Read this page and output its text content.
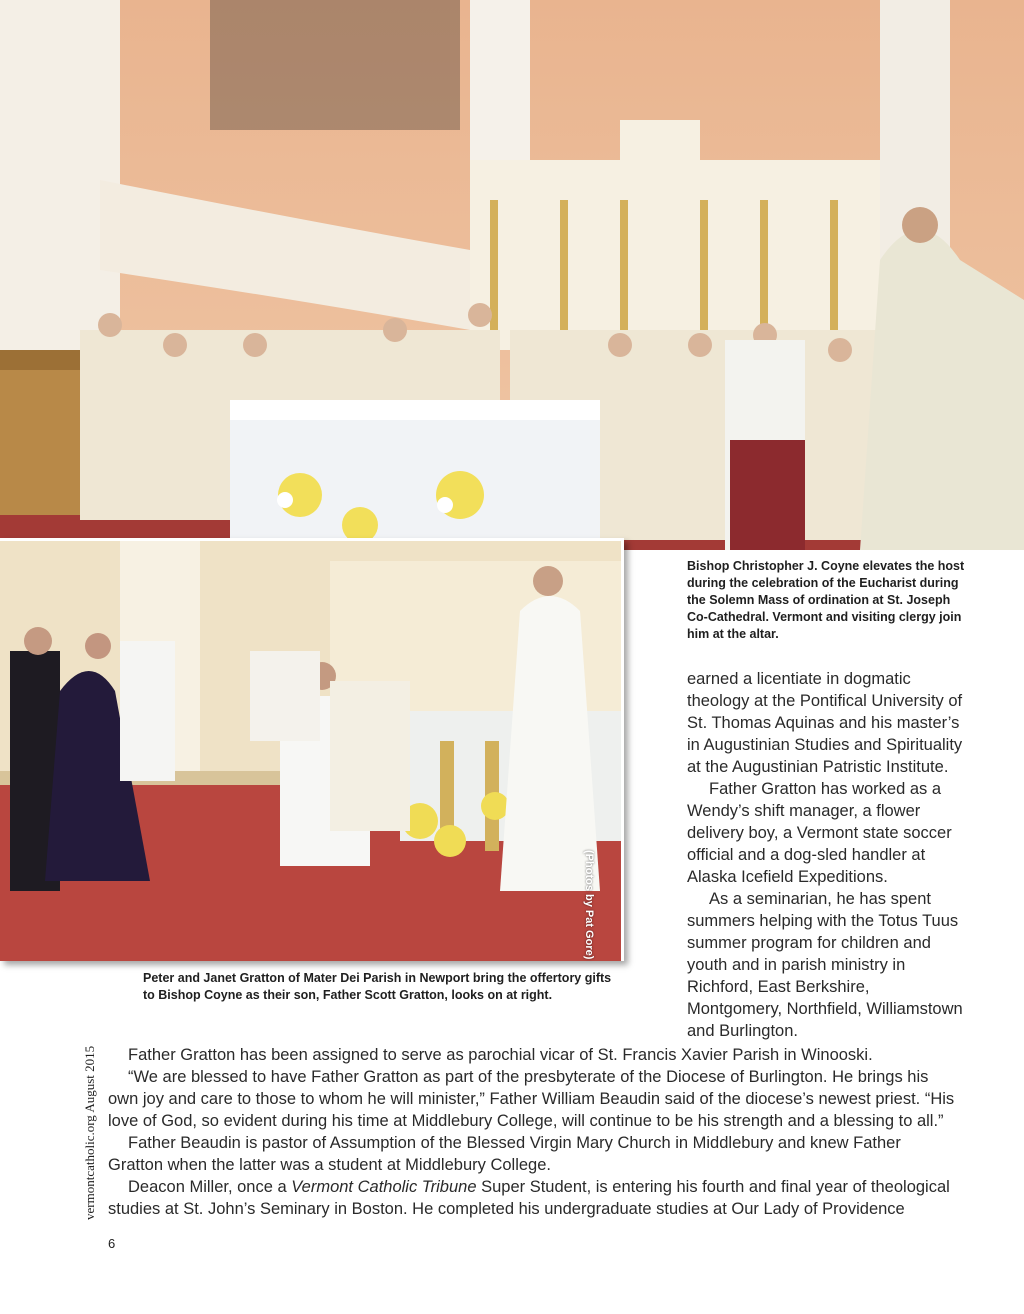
(Photos by Pat Gore)
Bishop Christopher J. Coyne elevates the host during the celebration of the Eucharist during the Solemn Mass of ordination at St. Joseph Co-Cathedral. Vermont and visiting clergy join him at the altar.
Peter and Janet Gratton of Mater Dei Parish in Newport bring the offertory gifts to Bishop Coyne as their son, Father Scott Gratton, looks on at right.

earned a licentiate in dogmatic theology at the Pontifical University of St. Thomas Aquinas and his master’s in Augustinian Studies and Spirituality at the Augustinian Patristic Institute.

Father Gratton has worked as a Wendy’s shift manager, a flower delivery boy, a Vermont state soccer official and a dog-sled handler at Alaska Icefield Expeditions.

As a seminarian, he has spent summers helping with the Totus Tuus summer program for children and youth and in parish ministry in Richford, East Berkshire, Montgomery, Northfield, Williamstown and Burlington.

Father Gratton has been assigned to serve as parochial vicar of St. Francis Xavier Parish in Winooski.

“We are blessed to have Father Gratton as part of the presbyterate of the Diocese of Burlington. He brings his own joy and care to those to whom he will minister,” Father William Beaudin said of the diocese’s newest priest. “His love of God, so evident during his time at Middlebury College, will continue to be his strength and a blessing to all.”

Father Beaudin is pastor of Assumption of the Blessed Virgin Mary Church in Middlebury and knew Father Gratton when the latter was a student at Middlebury College.

Deacon Miller, once a Vermont Catholic Tribune Super Student, is entering his fourth and final year of theological studies at St. John’s Seminary in Boston. He completed his undergraduate studies at Our Lady of Providence

vermontcatholic.org August 2015
6
